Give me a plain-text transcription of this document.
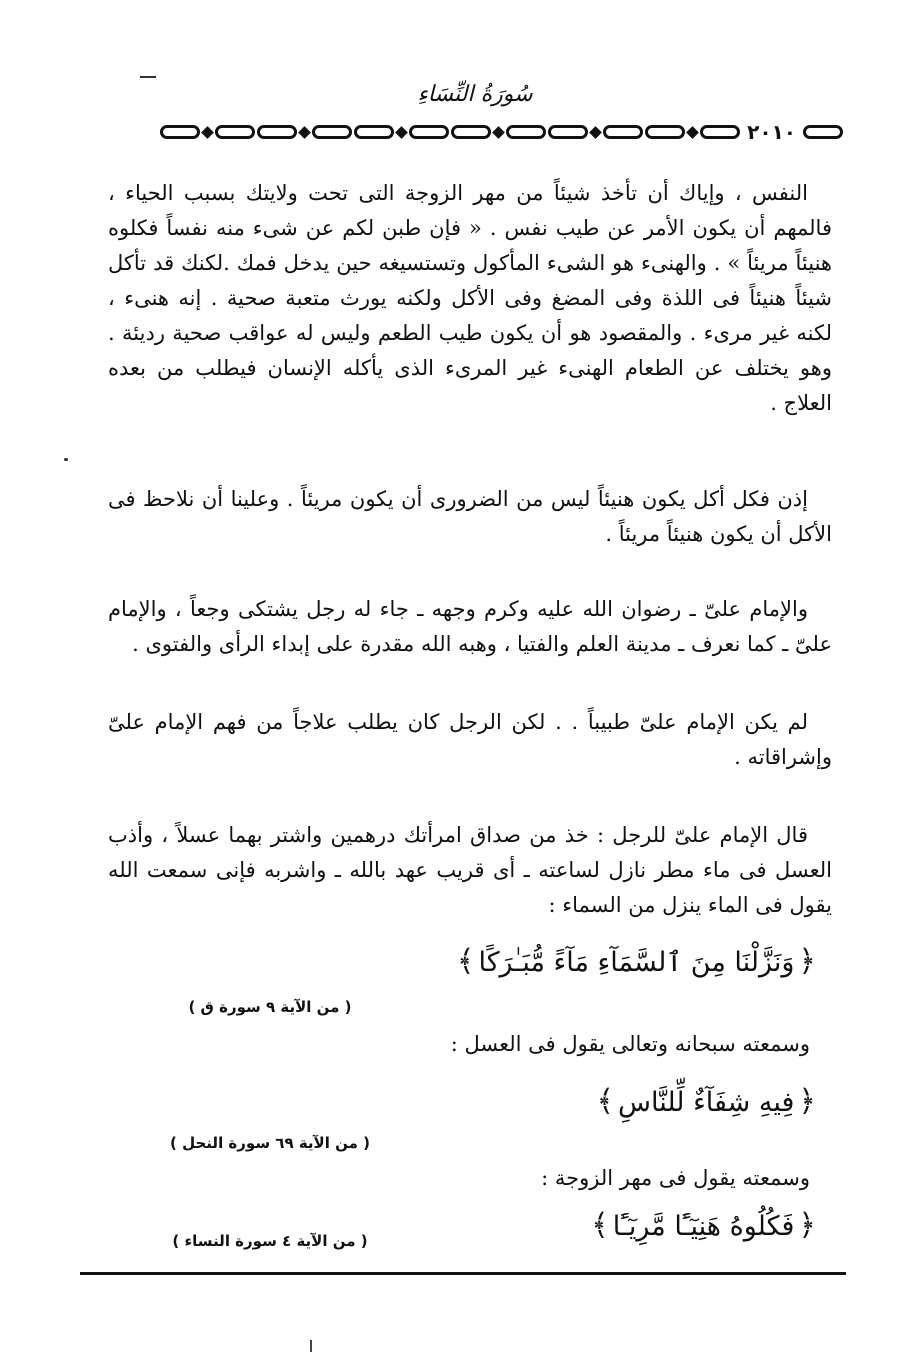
سُورَةُ النِّسَاءِ
٢٠١٠

النفس ، وإياك أن تأخذ شيئاً من مهر الزوجة التى تحت ولايتك بسبب الحياء ، فالمهم أن يكون الأمر عن طيب نفس . « فإن طبن لكم عن شىء منه نفساً فكلوه هنيئاً مريئاً » . والهنىء هو الشىء المأكول وتستسيغه حين يدخل فمك .لكنك قد تأكل شيئاً هنيئاً فى اللذة وفى المضغ وفى الأكل ولكنه يورث متعبة صحية . إنه هنىء ، لكنه غير مرىء . والمقصود هو أن يكون طيب الطعم وليس له عواقب صحية رديئة . وهو يختلف عن الطعام الهنىء غير المرىء الذى يأكله الإنسان فيطلب من بعده العلاج .

إذن فكل أكل يكون هنيئاً ليس من الضرورى أن يكون مريئاً . وعلينا أن نلاحظ فى الأكل أن يكون هنيئاً مريئاً .

والإمام علىّ ـ رضوان الله عليه وكرم وجهه ـ جاء له رجل يشتكى وجعاً ، والإمام علىّ ـ كما نعرف ـ مدينة العلم والفتيا ، وهبه الله مقدرة على إبداء الرأى والفتوى .

لم يكن الإمام علىّ طبيباً . . لكن الرجل كان يطلب علاجاً من فهم الإمام علىّ وإشراقاته .

قال الإمام علىّ للرجل : خذ من صداق امرأتك درهمين واشتر بهما عسلاً ، وأذب العسل فى ماء مطر نازل لساعته ـ أى قريب عهد بالله ـ واشربه فإنى سمعت الله يقول فى الماء ينزل من السماء :

﴿وَنَزَّلْنَا مِنَ ٱلسَّمَآءِ مَآءً مُّبَـٰرَكًا﴾
( من الآية ٩ سورة ق )
وسمعته سبحانه وتعالى يقول فى العسل :
﴿فِيهِ شِفَآءٌ لِّلنَّاسِ﴾
( من الآية ٦٩ سورة النحل )
وسمعته يقول فى مهر الزوجة :
﴿فَكُلُوهُ هَنِيٓـًٔا مَّرِيٓـًٔا﴾
( من الآية ٤ سورة النساء )
